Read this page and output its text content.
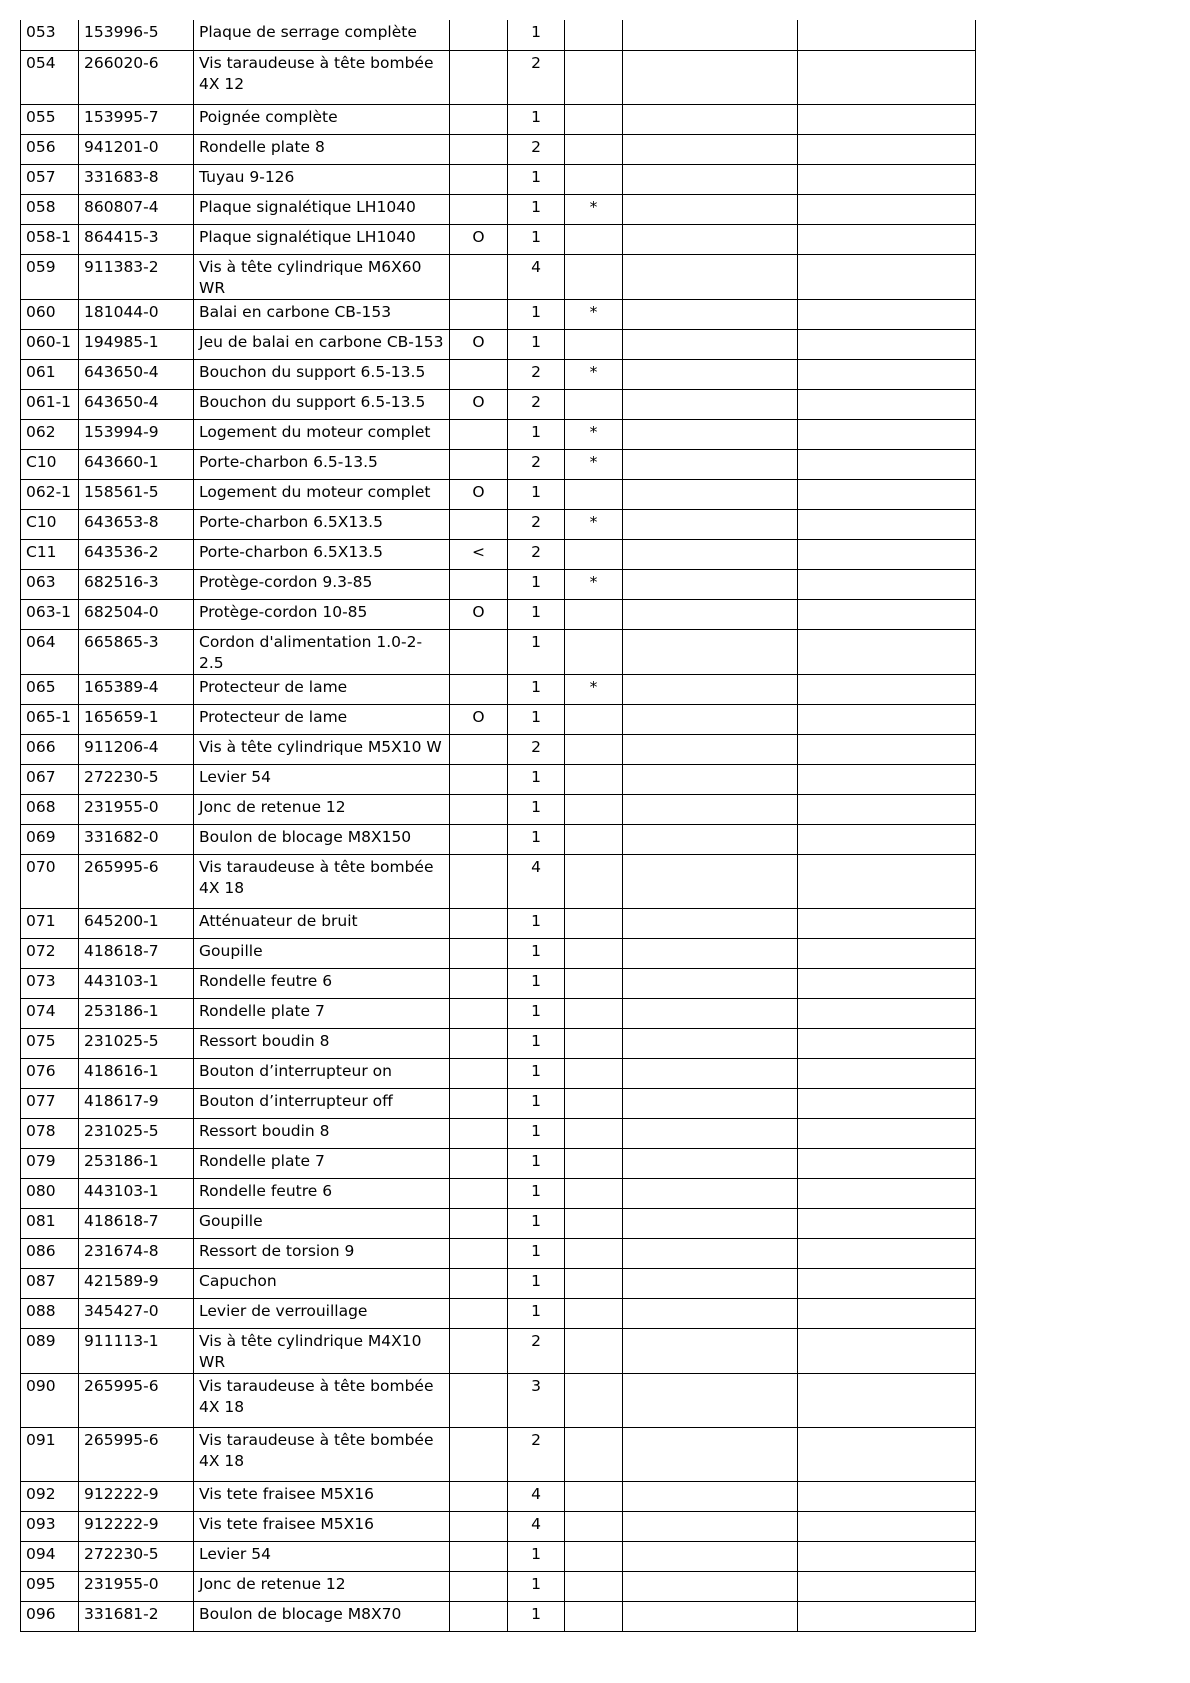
053	153996-5	Plaque de serrage complète		1			
054	266020-6	Vis taraudeuse à tête bombée 4X 12		2			
055	153995-7	Poignée complète		1			
056	941201-0	Rondelle plate 8		2			
057	331683-8	Tuyau 9-126		1			
058	860807-4	Plaque signalétique LH1040		1	*		
058-1	864415-3	Plaque signalétique LH1040	O	1			
059	911383-2	Vis à tête cylindrique M6X60 WR		4			
060	181044-0	Balai en carbone CB-153		1	*		
060-1	194985-1	Jeu de balai en carbone CB-153	O	1			
061	643650-4	Bouchon du support 6.5-13.5		2	*		
061-1	643650-4	Bouchon du support 6.5-13.5	O	2			
062	153994-9	Logement du moteur complet		1	*		
C10	643660-1	Porte-charbon 6.5-13.5		2	*		
062-1	158561-5	Logement du moteur complet	O	1			
C10	643653-8	Porte-charbon 6.5X13.5		2	*		
C11	643536-2	Porte-charbon 6.5X13.5	<	2			
063	682516-3	Protège-cordon 9.3-85		1	*		
063-1	682504-0	Protège-cordon 10-85	O	1			
064	665865-3	Cordon d'alimentation 1.0-2-2.5		1			
065	165389-4	Protecteur de lame		1	*		
065-1	165659-1	Protecteur de lame	O	1			
066	911206-4	Vis à tête cylindrique M5X10 W		2			
067	272230-5	Levier 54		1			
068	231955-0	Jonc de retenue 12		1			
069	331682-0	Boulon de blocage M8X150		1			
070	265995-6	Vis taraudeuse à tête bombée 4X 18		4			
071	645200-1	Atténuateur de bruit		1			
072	418618-7	Goupille		1			
073	443103-1	Rondelle feutre 6		1			
074	253186-1	Rondelle plate 7		1			
075	231025-5	Ressort boudin 8		1			
076	418616-1	Bouton d’interrupteur on		1			
077	418617-9	Bouton d’interrupteur off		1			
078	231025-5	Ressort boudin 8		1			
079	253186-1	Rondelle plate 7		1			
080	443103-1	Rondelle feutre 6		1			
081	418618-7	Goupille		1			
086	231674-8	Ressort de torsion 9		1			
087	421589-9	Capuchon		1			
088	345427-0	Levier de verrouillage		1			
089	911113-1	Vis à tête cylindrique M4X10 WR		2			
090	265995-6	Vis taraudeuse à tête bombée 4X 18		3			
091	265995-6	Vis taraudeuse à tête bombée 4X 18		2			
092	912222-9	Vis tete fraisee M5X16		4			
093	912222-9	Vis tete fraisee M5X16		4			
094	272230-5	Levier 54		1			
095	231955-0	Jonc de retenue 12		1			
096	331681-2	Boulon de blocage M8X70		1			
